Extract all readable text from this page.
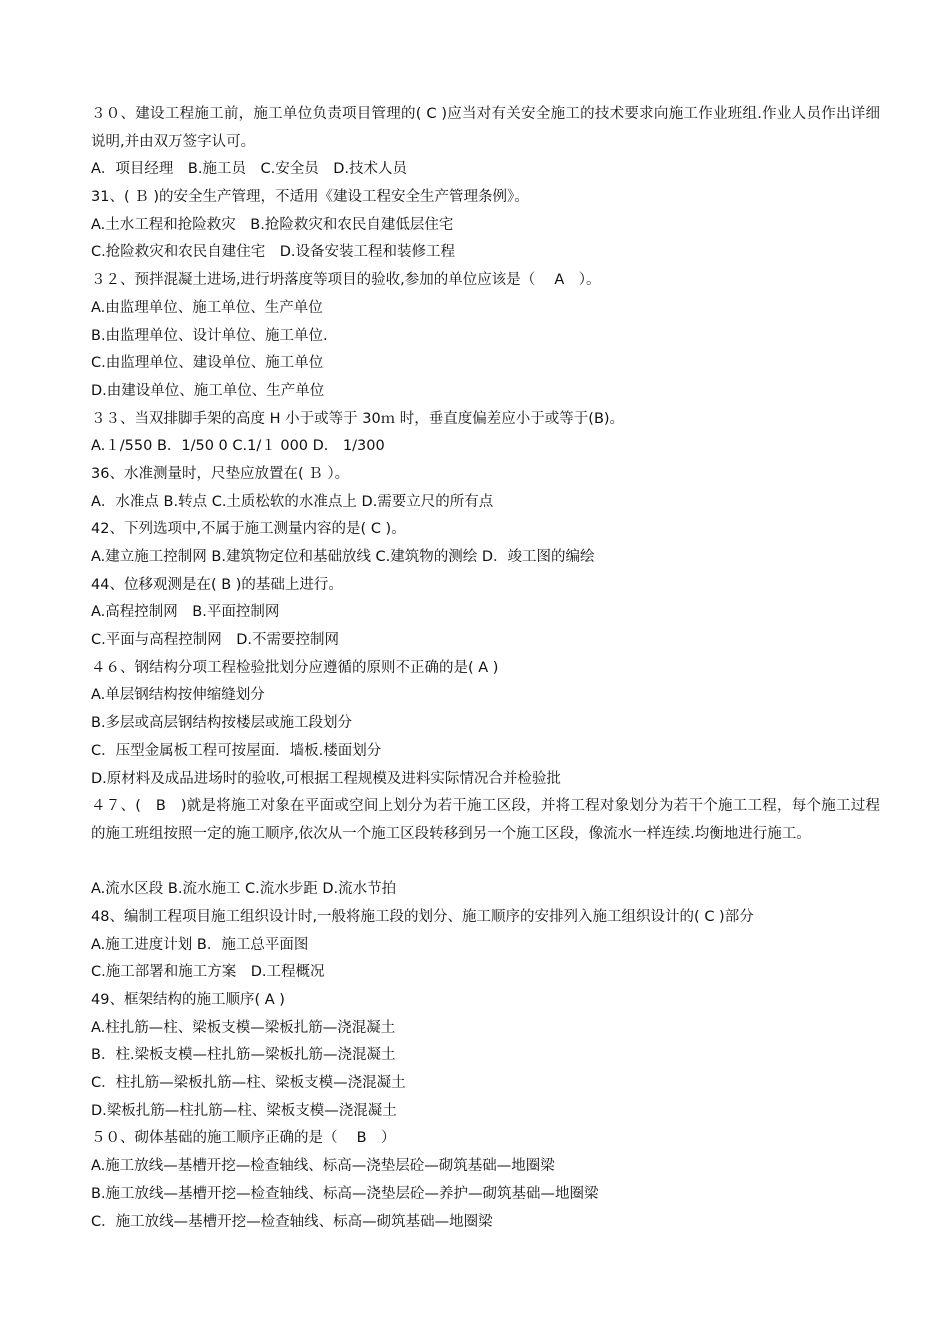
３０、建设工程施工前，施工单位负责项目管理的( C )应当对有关安全施工的技术要求向施工作业班组.作业人员作出详细说明,并由双万签字认可。
A．项目经理　B.施工员　C.安全员　D.技术人员
31、( Ｂ )的安全生产管理，不适用《建设工程安全生产管理条例》。
A.土水工程和抢险救灾　B.抢险救灾和农民自建低层住宅
C.抢险救灾和农民自建住宅　D.设备安装工程和装修工程
３２、预拌混凝土进场,进行坍落度等项目的验收,参加的单位应该是（　 A　）。
A.由监理单位、施工单位、生产单位
B.由监理单位、设计单位、施工单位.
C.由监理单位、建设单位、施工单位
D.由建设单位、施工单位、生产单位
３３、当双排脚手架的高度 H 小于或等于 30ｍ 时，垂直度偏差应小于或等于(B)。
A.１/550 B．1/50 0 C.1/１ 000 D． 1/300
36、水准测量时，尺垫应放置在( Ｂ ）。
A．水准点 B.转点 C.土质松软的水准点上 D.需要立尺的所有点
42、下列选项中,不属于施工测量内容的是( C )。
A.建立施工控制网 B.建筑物定位和基础放线 C.建筑物的测绘 D．竣工图的编绘
44、位移观测是在( B )的基础上进行。
A.高程控制网　B.平面控制网
C.平面与高程控制网　D.不需要控制网
４６、钢结构分项工程检验批划分应遵循的原则不正确的是( A )
A.单层钢结构按伸缩缝划分
B.多层或高层钢结构按楼层或施工段划分
C．压型金属板工程可按屋面．墙板.楼面划分
D.原材料及成品进场时的验收,可根据工程规模及进料实际情况合并检验批
４７、(　B　)就是将施工对象在平面或空间上划分为若干施工区段，并将工程对象划分为若干个施工工程，每个施工过程的施工班组按照一定的施工顺序,依次从一个施工区段转移到另一个施工区段，像流水一样连续.均衡地进行施工。
A.流水区段 B.流水施工 C.流水步距 D.流水节拍
48、编制工程项目施工组织设计时,一般将施工段的划分、施工顺序的安排列入施工组织设计的( C )部分
A.施工进度计划 B．施工总平面图
C.施工部署和施工方案　D.工程概况
49、框架结构的施工顺序( A )
A.柱扎筋—柱、梁板支模—梁板扎筋—浇混凝土
B．柱.梁板支模—柱扎筋—梁板扎筋—浇混凝土
C．柱扎筋—梁板扎筋—柱、梁板支模—浇混凝土
D.梁板扎筋—柱扎筋—柱、梁板支模—浇混凝土
５０、砌体基础的施工顺序正确的是（　 B　）
A.施工放线—基槽开挖—检查轴线、标高—浇垫层砼—砌筑基础—地圈梁
B.施工放线—基槽开挖—检查轴线、标高—浇垫层砼—养护—砌筑基础—地圈梁
C．施工放线—基槽开挖—检查轴线、标高—砌筑基础—地圈梁
